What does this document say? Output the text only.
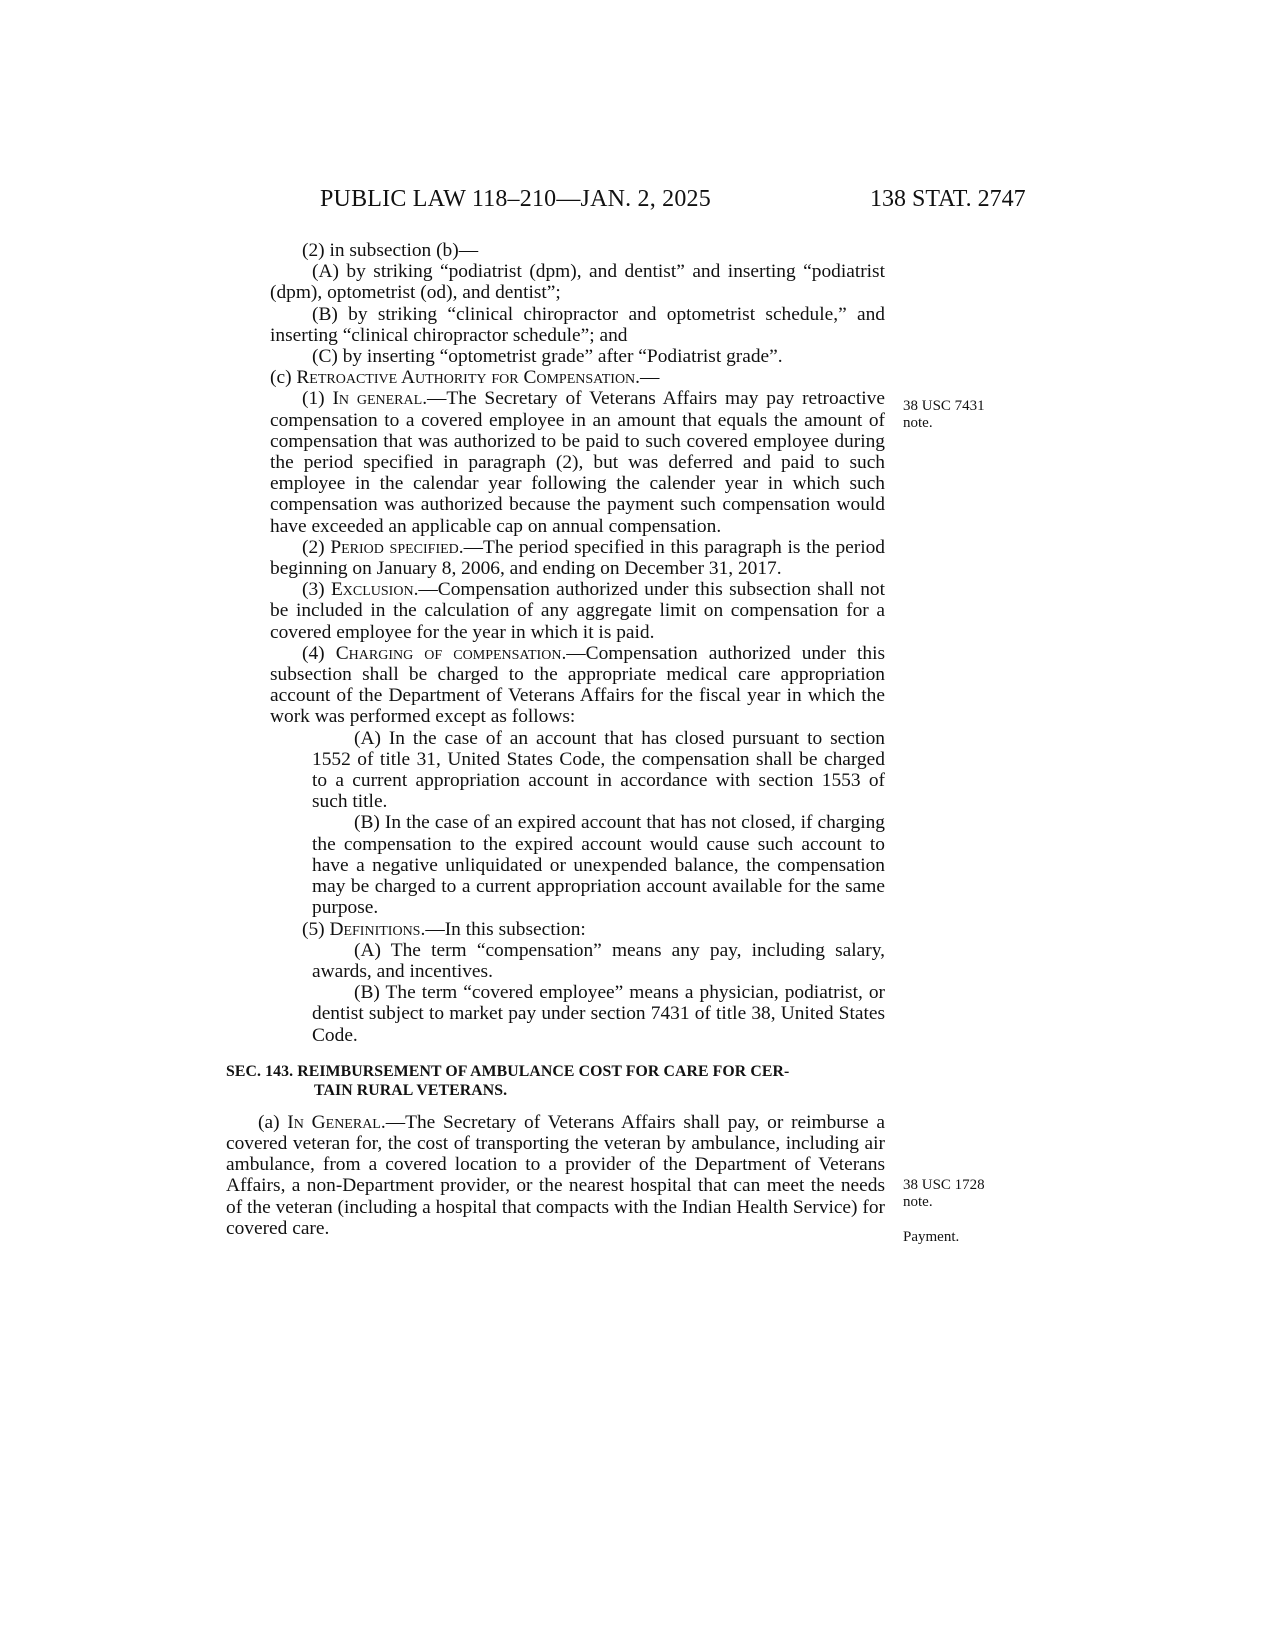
PUBLIC LAW 118–210—JAN. 2, 2025	138 STAT. 2747
38 USC 7431
note.
38 USC 1728
note.
Payment.

(2) in subsection (b)—

(A) by striking “podiatrist (dpm), and dentist” and inserting “podiatrist (dpm), optometrist (od), and dentist”;

(B) by striking “clinical chiropractor and optometrist schedule,” and inserting “clinical chiropractor schedule”; and

(C) by inserting “optometrist grade” after “Podiatrist grade”.

(c) Retroactive Authority for Compensation.—

(1) In general.—The Secretary of Veterans Affairs may pay retroactive compensation to a covered employee in an amount that equals the amount of compensation that was authorized to be paid to such covered employee during the period specified in paragraph (2), but was deferred and paid to such employee in the calendar year following the calender year in which such compensation was authorized because the payment such compensation would have exceeded an applicable cap on annual compensation.

(2) Period specified.—The period specified in this paragraph is the period beginning on January 8, 2006, and ending on December 31, 2017.

(3) Exclusion.—Compensation authorized under this subsection shall not be included in the calculation of any aggregate limit on compensation for a covered employee for the year in which it is paid.

(4) Charging of compensation.—Compensation authorized under this subsection shall be charged to the appropriate medical care appropriation account of the Department of Veterans Affairs for the fiscal year in which the work was performed except as follows:

(A) In the case of an account that has closed pursuant to section 1552 of title 31, United States Code, the compensation shall be charged to a current appropriation account in accordance with section 1553 of such title.

(B) In the case of an expired account that has not closed, if charging the compensation to the expired account would cause such account to have a negative unliquidated or unexpended balance, the compensation may be charged to a current appropriation account available for the same purpose.

(5) Definitions.—In this subsection:

(A) The term “compensation” means any pay, including salary, awards, and incentives.

(B) The term “covered employee” means a physician, podiatrist, or dentist subject to market pay under section 7431 of title 38, United States Code.

SEC. 143. REIMBURSEMENT OF AMBULANCE COST FOR CARE FOR CER-
TAIN RURAL VETERANS.

(a) In General.—The Secretary of Veterans Affairs shall pay, or reimburse a covered veteran for, the cost of transporting the veteran by ambulance, including air ambulance, from a covered location to a provider of the Department of Veterans Affairs, a non-Department provider, or the nearest hospital that can meet the needs of the veteran (including a hospital that compacts with the Indian Health Service) for covered care.
